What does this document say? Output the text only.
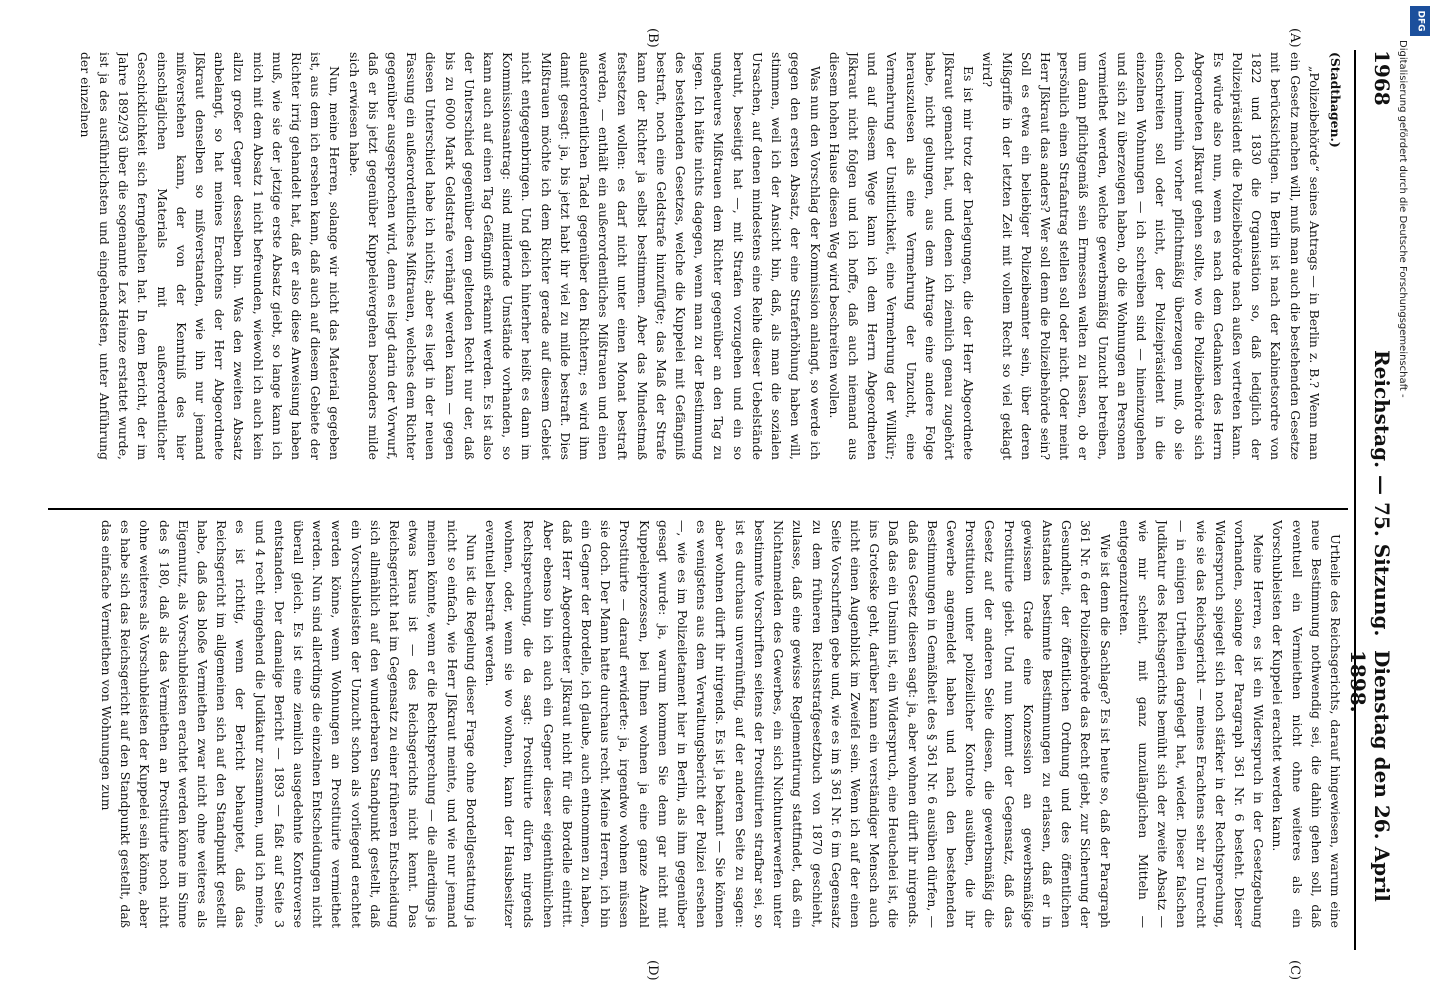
1968
Reichstag. — 75. Sitzung.
Dienstag den 26. April 1898.
(A)
(B)
(C)
(D)
(Stadthagen.)

„Polizeibehörde“ seines Antrags — in Berlin z. B.? Wenn man ein Gesetz machen will, muß man auch die bestehenden Gesetze mit berücksichtigen. In Berlin ist nach der Kabinetsordre von 1822 und 1830 die Organisation so, daß lediglich der Polizeipräsident die Polizeibehörde nach außen vertreten kann. Es würde also nun, wenn es nach dem Gedanken des Herrn Abgeordneten Jßkraut gehen sollte, wo die Polizeibehörde sich doch immerhin vorher pflichtmäßig überzeugen muß, ob sie einschreiten soll oder nicht, der Polizeipräsident in die einzelnen Wohnungen — ich schreiben sind — hineinzugehen und sich zu überzeugen haben, ob die Wohnungen an Personen vermiethet werden, welche gewerbsmäßig Unzucht betreiben, um dann pflichtgemäß sein Ermessen walten zu lassen, ob er persönlich einen Strafantrag stellen soll oder nicht. Oder meint Herr Jßkraut das anders? Wer soll denn die Polizeibehörde sein? Soll es etwa ein beliebiger Polizeibeamter sein, über deren Mißgriffe in der letzten Zeit mit vollem Recht so viel geklagt wird?

Es ist mir trotz der Darlegungen, die der Herr Abgeordnete Jßkraut gemacht hat, und denen ich ziemlich genau zugehört habe, nicht gelungen, aus dem Antrage eine andere Folge herauszulesen als eine Vermehrung der Unzucht, eine Vermehrung der Unsittlichkeit, eine Vermehrung der Willkür; und auf diesem Wege kann ich dem Herrn Abgeordneten Jßkraut nicht folgen und ich hoffe, daß auch niemand aus diesem hohen Hause diesen Weg wird beschreiten wollen.

Was nun den Vorschlag der Kommission anlangt, so werde ich gegen den ersten Absatz, der eine Straferhöhung haben will, stimmen, weil ich der Ansicht bin, daß, als man die sozialen Ursachen, auf denen mindestens eine Reihe dieser Uebelstände beruht, beseitigt hat —, mit Strafen vorzugehen und ein so ungeheures Mißtrauen dem Richter gegenüber an den Tag zu legen. Ich hätte nichts dagegen, wenn man zu der Bestimmung des bestehenden Gesetzes, welche die Kuppelei mit Gefängniß bestraft, noch eine Geldstrafe hinzufügte; das Maß der Strafe kann der Richter ja selbst bestimmen. Aber das Mindestmaß festsetzen wollen: es darf nicht unter einen Monat bestraft werden, — enthält ein außerordentliches Mißtrauen und einen außerordentlichen Tadel gegenüber den Richtern; es wird ihm damit gesagt: ja, bis jetzt habt ihr viel zu milde bestraft. Dies Mißtrauen möchte ich dem Richter gerade auf diesem Gebiet nicht entgegenbringen. Und gleich hinterher heißt es dann im Kommissionsantrag: sind mildernde Umstände vorhanden, so kann auch auf einen Tag Gefängniß erkannt werden. Es ist also der Unterschied gegenüber dem geltenden Recht nur der, daß bis zu 6000 Mark Geldstrafe verhängt werden kann — gegen diesen Unterschied habe ich nichts; aber es liegt in der neuen Fassung ein außerordentliches Mißtrauen, welches dem Richter gegenüber ausgesprochen wird, denn es liegt darin der Vorwurf, daß er bis jetzt gegenüber Kuppeleivergehen besonders milde sich erwiesen habe.

Nun, meine Herren, solange wir nicht das Material gegeben ist, aus dem ich ersehen kann, daß auch auf diesem Gebiete der Richter irrig gehandelt hat, daß er also diese Anweisung haben muß, wie sie der jetzige erste Absatz giebt, so lange kann ich mich mit dem Absatz 1 nicht befreunden, wiewohl ich auch kein allzu großer Gegner desselben bin. Was den zweiten Absatz anbelangt, so hat meines Erachtens der Herr Abgeordnete Jßkraut denselben so mißverstanden, wie ihn nur jemand mißverstehen kann, der von der Kenntniß des hier einschläglichen Materials mit außerordentlicher Geschicklichkeit sich ferngehalten hat. In dem Bericht, der im Jahre 1892/93 über die sogenannte Lex Heinze erstattet wurde, ist ja des ausführlichsten und eingehendsten, unter Anführung der einzelnen

Urtheile des Reichsgerichts, darauf hingewiesen, warum eine neue Bestimmung nothwendig sei, die dahin gehen soll, daß eventuell ein Vermiethen nicht ohne weiteres als ein Vorschubleisten der Kuppelei erachtet werden kann.

Meine Herren, es ist ein Widerspruch in der Gesetzgebung vorhanden, solange der Paragraph 361 Nr. 6 besteht. Dieser Widerspruch spiegelt sich noch stärker in der Rechtsprechung, wie sie das Reichsgericht — meines Erachtens sehr zu Unrecht — in einigen Urtheilen dargelegt hat, wieder. Dieser falschen Judikatur des Reichsgerichts bemüht sich der zweite Absatz — wie mir scheint, mit ganz unzulänglichen Mitteln — entgegenzutreten.

Wie ist denn die Sachlage? Es ist heute so, daß der Paragraph 361 Nr. 6 der Polizeibehörde das Recht giebt, zur Sicherung der Gesundheit, der öffentlichen Ordnung und des öffentlichen Anstandes bestimmte Bestimmungen zu erlassen, daß er in gewissem Grade eine Konzession an gewerbsmäßige Prostituirte giebt. Und nun kommt der Gegensatz, daß das Gesetz auf der anderen Seite diesen, die gewerbsmäßig die Prostitution unter polizeilicher Kontrole ausüben, die ihr Gewerbe angemeldet haben und nach den bestehenden Bestimmungen in Gemäßheit des § 361 Nr. 6 ausüben dürfen, — daß das Gesetz diesen sagt: ja, aber wohnen dürft ihr nirgends. Daß das ein Unsinn ist, ein Widerspruch, eine Heuchelei ist, die ins Groteske geht, darüber kann ein verständiger Mensch auch nicht einen Augenblick im Zweifel sein. Wenn ich auf der einen Seite Vorschriften gebe und, wie es im § 361 Nr. 6 im Gegensatz zu dem früheren Reichsstrafgesetzbuch von 1870 geschieht, zulasse, daß eine gewisse Reglementirung stattfindet, daß ein Nichtanmelden des Gewerbes, ein sich Nichtunterwerfen unter bestimmte Vorschriften seitens der Prostituirten strafbar sei, so ist es durchaus unvernünftig, auf der anderen Seite zu sagen: aber wohnen dürft ihr nirgends. Es ist ja bekannt — Sie können es wenigstens aus dem Verwaltungsbericht der Polizei ersehen —, wie es im Polizeiletament hier in Berlin, als ihm gegenüber gesagt wurde: ja, warum kommen Sie denn gar nicht mit Kuppeleiprozessen, bei Ihnen wohnen ja eine ganze Anzahl Prostituirte — darauf erwiderte: ja, irgendwo wohnen müssen sie doch. Der Mann hatte durchaus recht. Meine Herren, ich bin ein Gegner der Bordelle, ich glaube, auch entnommen zu haben, daß Herr Abgeordneter Jßkraut nicht für die Bordelle eintritt. Aber ebenso bin ich auch ein Gegner dieser eigenthümlichen Rechtsprechung, die da sagt: Prostituirte dürfen nirgends wohnen, oder, wenn sie wo wohnen, kann der Hausbesitzer eventuell bestraft werden.

Nun ist die Regelung dieser Frage ohne Bordellgestattung ja nicht so einfach, wie Herr Jßkraut meinte, und wie nur jemand meinen könnte, wenn er die Rechtsprechung — die allerdings ja etwas kraus ist — des Reichsgerichts nicht kennt. Das Reichsgericht hat im Gegensatz zu einer früheren Entscheidung sich allmählich auf den wunderbaren Standpunkt gestellt, daß ein Vorschubleisten der Unzucht schon als vorliegend erachtet werden könne, wenn Wohnungen an Prostituirte vermiethet werden. Nun sind allerdings die einzelnen Entscheidungen nicht überall gleich. Es ist eine ziemlich ausgedehnte Kontroverse entstanden. Der damalige Bericht — 1893 — faßt auf Seite 3 und 4 recht eingehend die Judikatur zusammen, und ich meine, es ist richtig, wenn der Bericht behauptet, daß das Reichsgericht im allgemeinen sich auf den Standpunkt gestellt habe, daß das bloße Vermiethen zwar nicht ohne weiteres als Eigennutz, als Vorschubleisten erachtet werden könne im Sinne des § 180, daß als das Vermiethen an Prostituirte noch nicht ohne weiteres als Vorschubleisten der Kuppelei sein könne, aber es habe sich das Reichsgericht auf den Standpunkt gestellt, daß das einfache Vermiethen von Wohnungen zum

DFG
Digitalisierung gefördert durch die Deutsche Forschungsgemeinschaft -
